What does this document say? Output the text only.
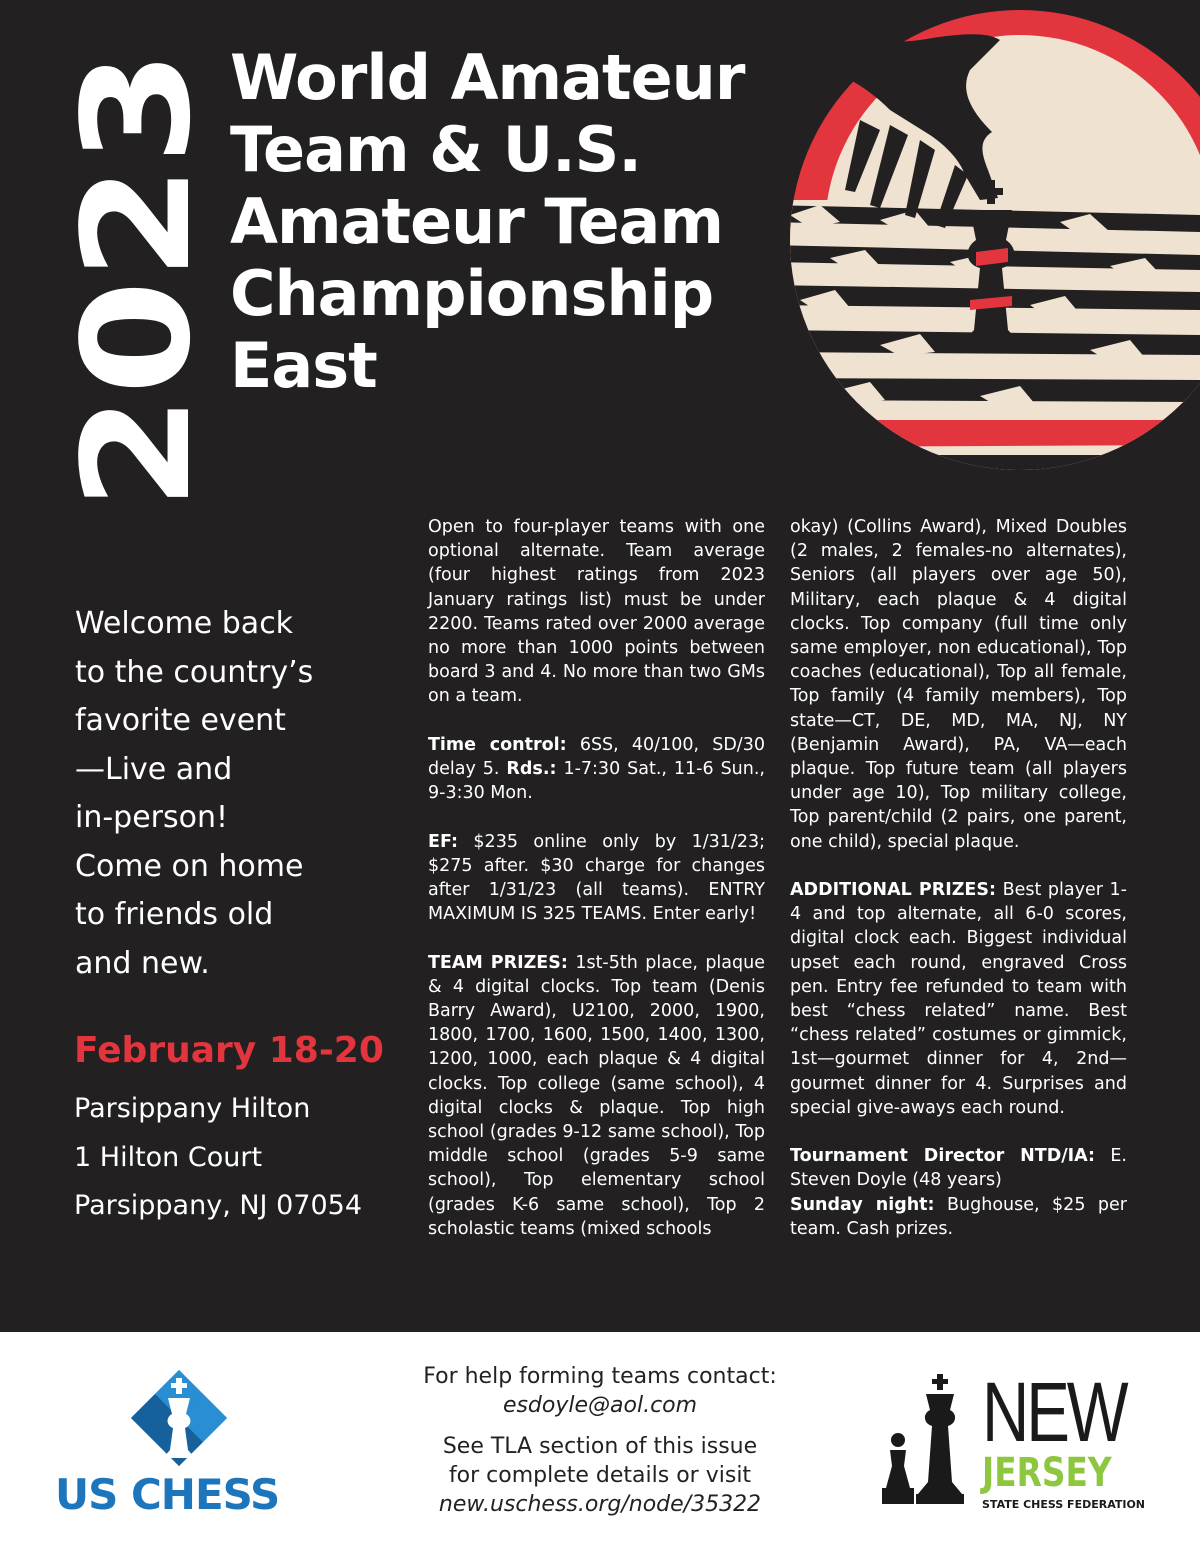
2023
World Amateur
Team & U.S.
Amateur Team
Championship
East
Welcome back
to the country’s
favorite event
—Live and
in-person!
Come on home
to friends old
and new.
February 18-20
Parsippany Hilton
1 Hilton Court
Parsippany, NJ 07054

Open to four-player teams with one optional alternate. Team average (four highest ratings from 2023 January ratings list) must be under 2200. Teams rated over 2000 average no more than 1000 points between board 3 and 4. No more than two GMs on a team.

Time control: 6SS, 40/100, SD/30 delay 5. Rds.: 1-7:30 Sat., 11-6 Sun., 9-3:30 Mon.

EF: $235 online only by 1/31/23; $275 after. $30 charge for changes after 1/31/23 (all teams). ENTRY MAXIMUM IS 325 TEAMS. Enter early!

TEAM PRIZES: 1st-5th place, plaque & 4 digital clocks. Top team (Denis Barry Award), U2100, 2000, 1900, 1800, 1700, 1600, 1500, 1400, 1300, 1200, 1000, each plaque & 4 digital clocks. Top college (same school), 4 digital clocks & plaque. Top high school (grades 9-12 same school), Top middle school (grades 5-9 same school), Top elementary school (grades K-6 same school), Top 2 scholastic teams (mixed schools

okay) (Collins Award), Mixed Doubles (2 males, 2 females-no alternates), Seniors (all players over age 50), Military, each plaque & 4 digital clocks. Top company (full time only same employer, non educational), Top coaches (educational), Top all female, Top family (4 family members), Top state—CT, DE, MD, MA, NJ, NY (Benjamin Award), PA, VA—each plaque. Top future team (all players under age 10), Top military college, Top parent/child (2 pairs, one parent, one child), special plaque.

ADDITIONAL PRIZES: Best player 1-4 and top alternate, all 6-0 scores, digital clock each. Biggest individual upset each round, engraved Cross pen. Entry fee refunded to team with best “chess related” name. Best “chess related” costumes or gimmick, 1st—gourmet dinner for 4, 2nd—gourmet dinner for 4. Surprises and special give-aways each round.

Tournament Director NTD/IA: E. Steven Doyle (48 years)

Sunday night: Bughouse, $25 per team. Cash prizes.

US CHESS
For help forming teams contact:
esdoyle@aol.com
See TLA section of this issue
for complete details or visit
new.uschess.org/node/35322
NEW
JERSEY
STATE CHESS FEDERATION
